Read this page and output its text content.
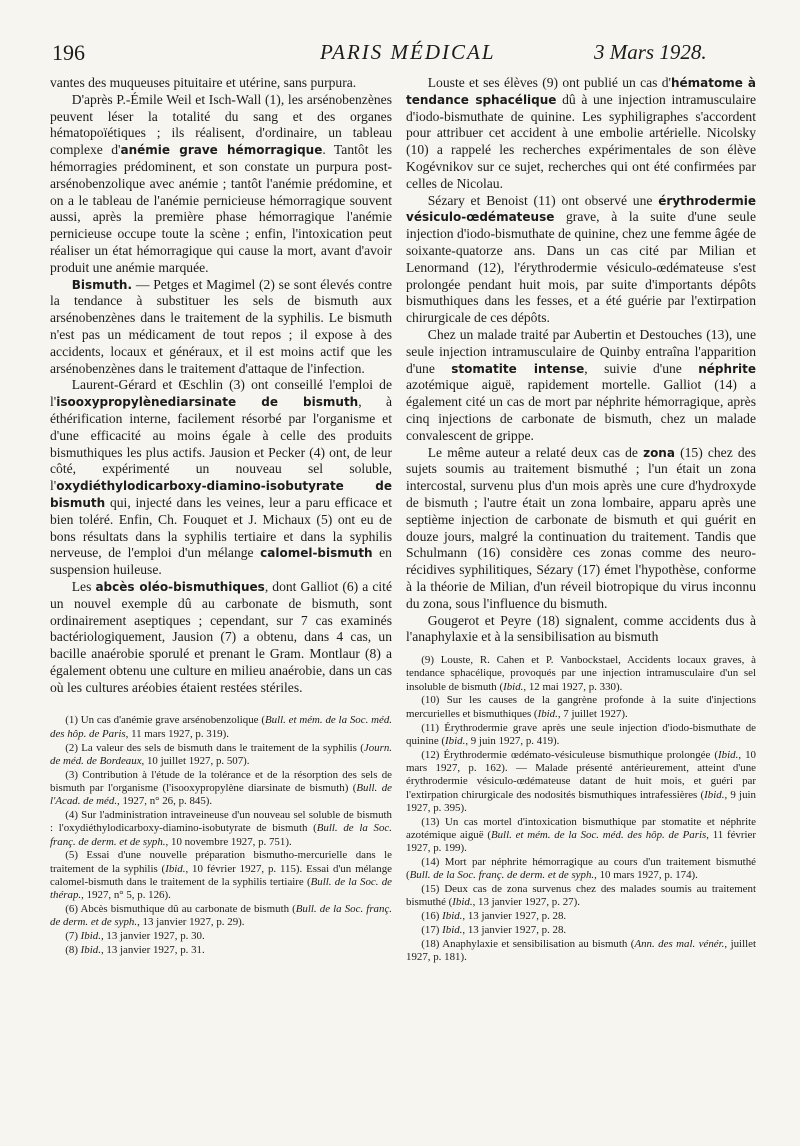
196	PARIS MÉDICAL	3 Mars 1928.

vantes des muqueuses pituitaire et utérine, sans purpura.

D'après P.-Émile Weil et Isch-Wall (1), les arsénobenzènes peuvent léser la totalité du sang et des organes hématopoïétiques ; ils réalisent, d'ordinaire, un tableau complexe d'anémie grave hémorragique. Tantôt les hémorragies prédominent, et son constate un purpura post-arsénobenzolique avec anémie ; tantôt l'anémie prédomine, et on a le tableau de l'anémie pernicieuse hémorragique souvent aussi, après la première phase hémorragique l'anémie pernicieuse occupe toute la scène ; enfin, l'intoxication peut réaliser un état hémorragique qui cause la mort, avant d'avoir produit une anémie marquée.

Bismuth. — Petges et Magimel (2) se sont élevés contre la tendance à substituer les sels de bismuth aux arsénobenzènes dans le traitement de la syphilis. Le bismuth n'est pas un médicament de tout repos ; il expose à des accidents, locaux et généraux, et il est moins actif que les arsénobenzènes dans le traitement d'attaque de l'infection.

Laurent-Gérard et Œschlin (3) ont conseillé l'emploi de l'isooxypropylènediarsinate de bismuth, à éthérification interne, facilement résorbé par l'organisme et d'une efficacité au moins égale à celle des produits bismuthiques les plus actifs. Jausion et Pecker (4) ont, de leur côté, expérimenté un nouveau sel soluble, l'oxydiéthylodicarboxy-diamino-isobutyrate de bismuth qui, injecté dans les veines, leur a paru efficace et bien toléré. Enfin, Ch. Fouquet et J. Michaux (5) ont eu de bons résultats dans la syphilis tertiaire et dans la syphilis nerveuse, de l'emploi d'un mélange calomel-bismuth en suspension huileuse.

Les abcès oléo-bismuthiques, dont Galliot (6) a cité un nouvel exemple dû au carbonate de bismuth, sont ordinairement aseptiques ; cependant, sur 7 cas examinés bactériologiquement, Jausion (7) a obtenu, dans 4 cas, un bacille anaérobie sporulé et prenant le Gram. Montlaur (8) a également obtenu une culture en milieu anaérobie, dans un cas où les cultures aréobies étaient restées stériles.

(1) Un cas d'anémie grave arsénobenzolique (Bull. et mém. de la Soc. méd. des hôp. de Paris, 11 mars 1927, p. 319).

(2) La valeur des sels de bismuth dans le traitement de la syphilis (Journ. de méd. de Bordeaux, 10 juillet 1927, p. 507).

(3) Contribution à l'étude de la tolérance et de la résorption des sels de bismuth par l'organisme (l'isooxypropylène diarsinate de bismuth) (Bull. de l'Acad. de méd., 1927, n° 26, p. 845).

(4) Sur l'administration intraveineuse d'un nouveau sel soluble de bismuth : l'oxydiéthylodicarboxy-diamino-isobutyrate de bismuth (Bull. de la Soc. franç. de derm. et de syph., 10 novembre 1927, p. 751).

(5) Essai d'une nouvelle préparation bismutho-mercurielle dans le traitement de la syphilis (Ibid., 10 février 1927, p. 115). Essai d'un mélange calomel-bismuth dans le traitement de la syphilis tertiaire (Bull. de la Soc. de thérap., 1927, n° 5, p. 126).

(6) Abcès bismuthique dû au carbonate de bismuth (Bull. de la Soc. franç. de derm. et de syph., 13 janvier 1927, p. 29).

(7) Ibid., 13 janvier 1927, p. 30.

(8) Ibid., 13 janvier 1927, p. 31.

Louste et ses élèves (9) ont publié un cas d'hématome à tendance sphacélique dû à une injection intramusculaire d'iodo-bismuthate de quinine. Les syphiligraphes s'accordent pour attribuer cet accident à une embolie artérielle. Nicolsky (10) a rappelé les recherches expérimentales de son élève Kogévnikov sur ce sujet, recherches qui ont été confirmées par celles de Nicolau.

Sézary et Benoist (11) ont observé une érythrodermie vésiculo-œdémateuse grave, à la suite d'une seule injection d'iodo-bismuthate de quinine, chez une femme âgée de soixante-quatorze ans. Dans un cas cité par Milian et Lenormand (12), l'érythrodermie vésiculo-œdémateuse s'est prolongée pendant huit mois, par suite d'importants dépôts bismuthiques dans les fesses, et a été guérie par l'extirpation chirurgicale de ces dépôts.

Chez un malade traité par Aubertin et Destouches (13), une seule injection intramusculaire de Quinby entraîna l'apparition d'une stomatite intense, suivie d'une néphrite azotémique aiguë, rapidement mortelle. Galliot (14) a également cité un cas de mort par néphrite hémorragique, après cinq injections de carbonate de bismuth, chez un malade convalescent de grippe.

Le même auteur a relaté deux cas de zona (15) chez des sujets soumis au traitement bismuthé ; l'un était un zona intercostal, survenu plus d'un mois après une cure d'hydroxyde de bismuth ; l'autre était un zona lombaire, apparu après une septième injection de carbonate de bismuth et qui guérit en douze jours, malgré la continuation du traitement. Tandis que Schulmann (16) considère ces zonas comme des neuro-récidives syphilitiques, Sézary (17) émet l'hypothèse, conforme à la théorie de Milian, d'un réveil biotropique du virus inconnu du zona, sous l'influence du bismuth.

Gougerot et Peyre (18) signalent, comme accidents dus à l'anaphylaxie et à la sensibilisation au bismuth

(9) Louste, R. Cahen et P. Vanbockstael, Accidents locaux graves, à tendance sphacélique, provoqués par une injection intramusculaire d'un sel insoluble de bismuth (Ibid., 12 mai 1927, p. 330).

(10) Sur les causes de la gangrène profonde à la suite d'injections mercurielles et bismuthiques (Ibid., 7 juillet 1927).

(11) Érythrodermie grave après une seule injection d'iodo-bismuthate de quinine (Ibid., 9 juin 1927, p. 419).

(12) Érythrodermie œdémato-vésiculeuse bismuthique prolongée (Ibid., 10 mars 1927, p. 162). — Malade présenté antérieurement, atteint d'une érythrodermie vésiculo-œdémateuse datant de huit mois, et guéri par l'extirpation chirurgicale des nodosités bismuthiques intrafessières (Ibid., 9 juin 1927, p. 395).

(13) Un cas mortel d'intoxication bismuthique par stomatite et néphrite azotémique aiguë (Bull. et mém. de la Soc. méd. des hôp. de Paris, 11 février 1927, p. 199).

(14) Mort par néphrite hémorragique au cours d'un traitement bismuthé (Bull. de la Soc. franç. de derm. et de syph., 10 mars 1927, p. 174).

(15) Deux cas de zona survenus chez des malades soumis au traitement bismuthé (Ibid., 13 janvier 1927, p. 27).

(16) Ibid., 13 janvier 1927, p. 28.

(17) Ibid., 13 janvier 1927, p. 28.

(18) Anaphylaxie et sensibilisation au bismuth (Ann. des mal. vénér., juillet 1927, p. 181).
